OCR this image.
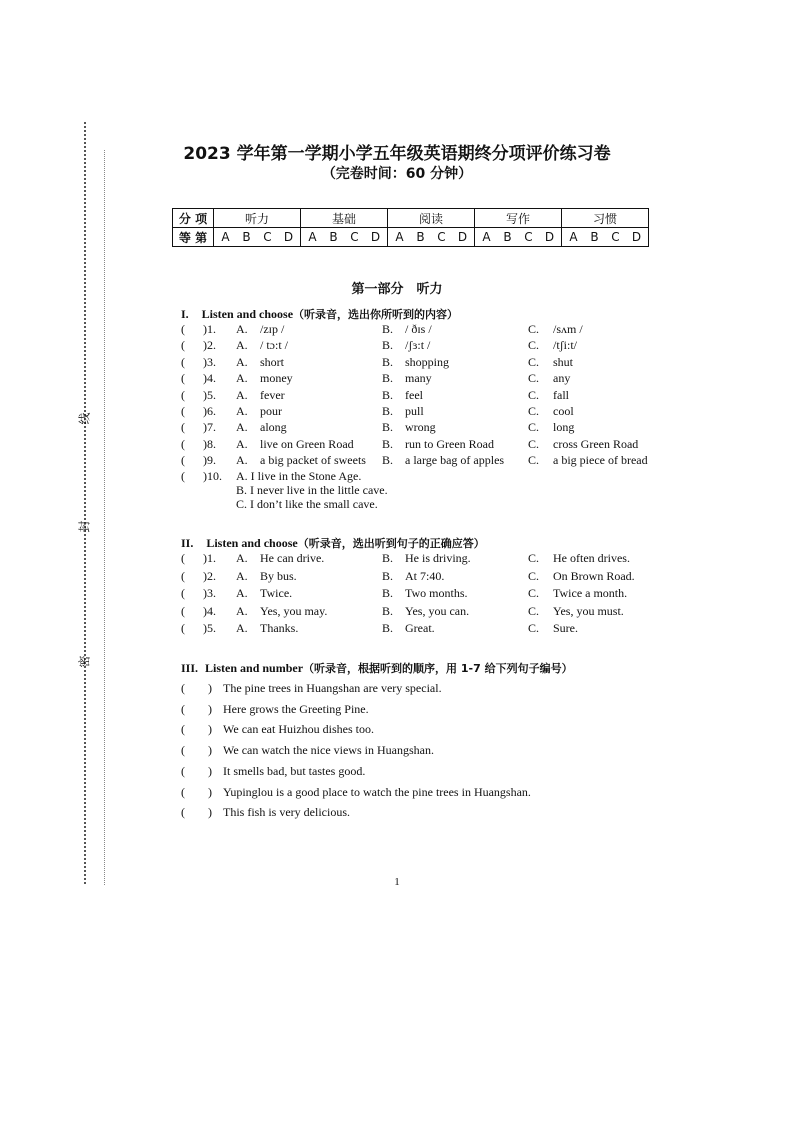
线
封
密
2023 学年第一学期小学五年级英语期终分项评价练习卷
（完卷时间：60 分钟）
分 项	听力	基础	阅读	写作	习惯
等 第	A B C D	A B C D	A B C D	A B C D	A B C D
第一部分　听力
I. Listen and choose（听录音，选出你所听到的内容）
( )1. A. /zɪp /	B. / ðɪs /	C. /sʌm /
( )2. A. / tɔ:t /	B. /ʃɜ:t /	C. /tʃi:t/
( )3. A. short	B. shopping	C. shut
( )4. A. money	B. many	C. any
( )5. A. fever	B. feel	C. fall
( )6. A. pour	B. pull	C. cool
( )7. A. along	B. wrong	C. long
( )8. A. live on Green Road B. run to Green Road	C. cross Green Road
( )9. A. a big packet of sweets B. a large bag of apples C. a big piece of bread
( )10. A. I live in the Stone Age.
B. I never live in the little cave.
C. I don’t like the small cave.
II. Listen and choose（听录音，选出听到句子的正确应答）
( )1. A. He can drive.	B. He is driving.	C. He often drives.
( )2. A. By bus.	B. At 7:40.	C. On Brown Road.
( )3. A. Twice.	B. Two months.	C. Twice a month.
( )4. A. Yes, you may.	B. Yes, you can.	C. Yes, you must.
( )5. A. Thanks.	B. Great.	C. Sure.
III. Listen and number（听录音，根据听到的顺序，用 1-7 给下列句子编号）
( ) The pine trees in Huangshan are very special.
( ) Here grows the Greeting Pine.
( ) We can eat Huizhou dishes too.
( ) We can watch the nice views in Huangshan.
( ) It smells bad, but tastes good.
( ) Yupinglou is a good place to watch the pine trees in Huangshan.
( ) This fish is very delicious.
1
